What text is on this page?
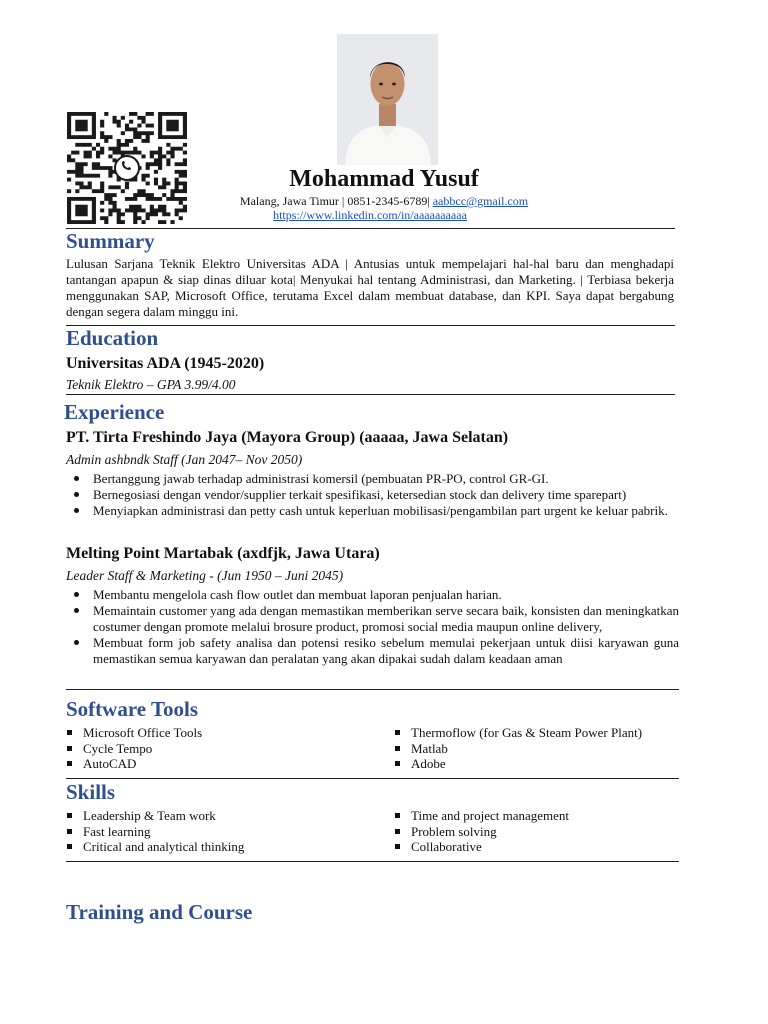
Mohammad Yusuf
Malang, Jawa Timur | 0851-2345-6789| aabbcc@gmail.com
https://www.linkedin.com/in/aaaaaaaaaa
Summary
Lulusan Sarjana Teknik Elektro Universitas ADA | Antusias untuk mempelajari hal-hal baru dan menghadapi tantangan apapun & siap dinas diluar kota| Menyukai hal tentang Administrasi, dan Marketing. | Terbiasa bekerja menggunakan SAP, Microsoft Office, terutama Excel dalam membuat database, dan KPI. Saya dapat bergabung dengan segera dalam minggu ini.
Education
Universitas ADA (1945-2020)
Teknik Elektro – GPA 3.99/4.00
Experience
PT. Tirta Freshindo Jaya (Mayora Group) (aaaaa, Jawa Selatan)
Admin ashbndk Staff (Jan 2047– Nov 2050)
Bertanggung jawab terhadap administrasi komersil (pembuatan PR-PO, control GR-GI.
Bernegosiasi dengan vendor/supplier terkait spesifikasi, ketersedian stock dan delivery time sparepart)
Menyiapkan administrasi dan petty cash untuk keperluan mobilisasi/pengambilan part urgent ke keluar pabrik.
Melting Point Martabak (axdfjk, Jawa Utara)
Leader Staff & Marketing - (Jun 1950 – Juni 2045)
Membantu mengelola cash flow outlet dan membuat laporan penjualan harian.
Memaintain customer yang ada dengan memastikan memberikan serve secara baik, konsisten dan meningkatkan costumer dengan promote melalui brosure product, promosi social media maupun online delivery,
Membuat form job safety analisa dan potensi resiko sebelum memulai pekerjaan untuk diisi karyawan guna memastikan semua karyawan dan peralatan yang akan dipakai sudah dalam keadaan aman
Software Tools
Microsoft Office Tools
Cycle Tempo
AutoCAD
Thermoflow (for Gas & Steam Power Plant)
Matlab
Adobe
Skills
Leadership & Team work
Fast learning
Critical and analytical thinking
Time and project management
Problem solving
Collaborative
Training and Course
